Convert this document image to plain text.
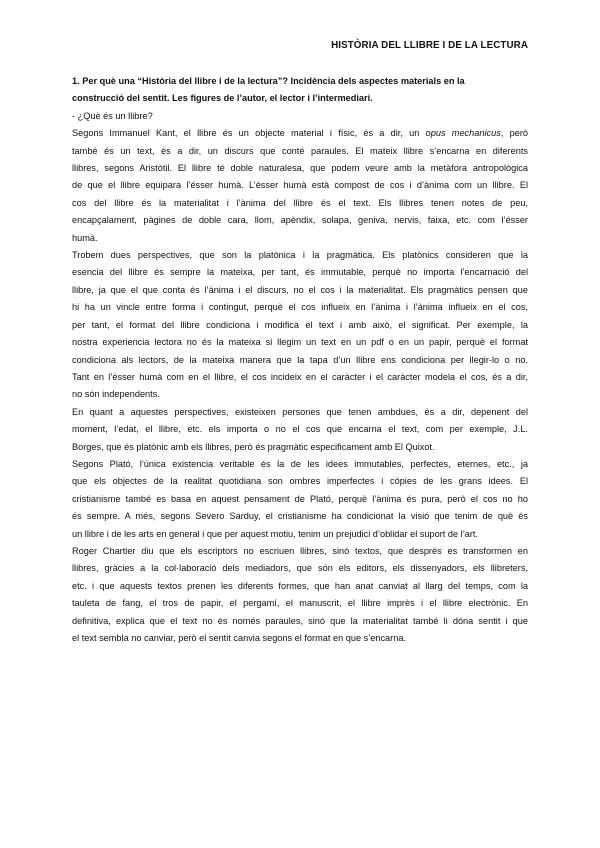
HISTÒRIA DEL LLIBRE I DE LA LECTURA
1. Per què una “Història del llibre i de la lectura”? Incidència dels aspectes materials en la
construcció del sentit. Les figures de l’autor, el lector i l’intermediari.
- ¿Què és un llibre?
Segons Immanuel Kant, el llibre és un objecte material i físic, és a dir, un opus mechanicus, però
també és un text, és a dir, un discurs que conté paraules. El mateix llibre s’encarna en diferents
llibres, segons Aristòtil. El llibre té doble naturalesa, que podem veure amb la metàfora antropològica
de que el llibre equipara l’ésser humà. L’ésser humà està compost de cos i d’ànima com un llibre. El
cos del llibre és la materialitat i l’ànima del llibre és el text. Els llibres tenen notes de peu,
encapçalament, pàgines de doble cara, llom, apèndix, solapa, geniva, nervis, faixa, etc. com l’ésser
humà.
Trobem dues perspectives, que son la platònica i la pragmàtica. Els platònics consideren que la
esencia del llibre és sempre la mateixa, per tant, és immutable, perquè no importa l’encarnació del
llibre, ja que el que conta és l’ànima i el discurs, no el cos i la materialitat. Els pragmàtics pensen que
hi ha un vincle entre forma i contingut, perquè el cos influeix en l’ànima i l’ànima influeix en el cos,
per tant, el format del llibre condiciona i modifica el text i amb això, el significat. Per exemple, la
nostra experiencia lectora no és la mateixa si llegim un text en un pdf o en un papir, perquè el format
condiciona als lectors, de la mateixa manera que la tapa d’un llibre ens condiciona per llegir-lo o no.
Tant en l’ésser humà com en el llibre, el cos incideix en el caràcter i el caràcter modela el cos, és a dir,
no són independents.
En quant a aquestes perspectives, existeixen persones que tenen ambdues, és a dir, depenent del
moment, l’edat, el llibre, etc. els importa o no el cos que encarna el text, com per exemple, J.L.
Borges, que és platònic amb els llibres, però és pragmàtic especificament amb El Quixot.
Segons Plató, l’única existencia veritable és la de les idees immutables, perfectes, eternes, etc., ja
que els objectes de la realitat quotidiana son ombres imperfectes i còpies de les grans idees. El
cristianisme també es basa en aquest pensament de Plató, perquè l’ànima és pura, però el cos no ho
és sempre. A més, segons Severo Sarduy, el cristianisme ha condicionat la visió que tenim de què és
un llibre i de les arts en general i que per aquest motiu, tenim un prejudici d’oblidar el suport de l’art.
Roger Chartier diu que els escriptors no escriuen llibres, sinó textos, que després es transformen en
llibres, gràcies a la col·laboració dels mediadors, que són els editors, els dissenyadors, els llibreters,
etc. i que aquests textos prenen les diferents formes, que han anat canviat al llarg del temps, com la
tauleta de fang, el tros de papir, el pergamí, el manuscrit, el llibre imprès i el llibre electrònic. En
definitiva, explica que el text no és només paraules, sinó que la materialitat també li dóna sentit i que
el text sembla no canviar, però el sentit canvia segons el format en que s’encarna.
